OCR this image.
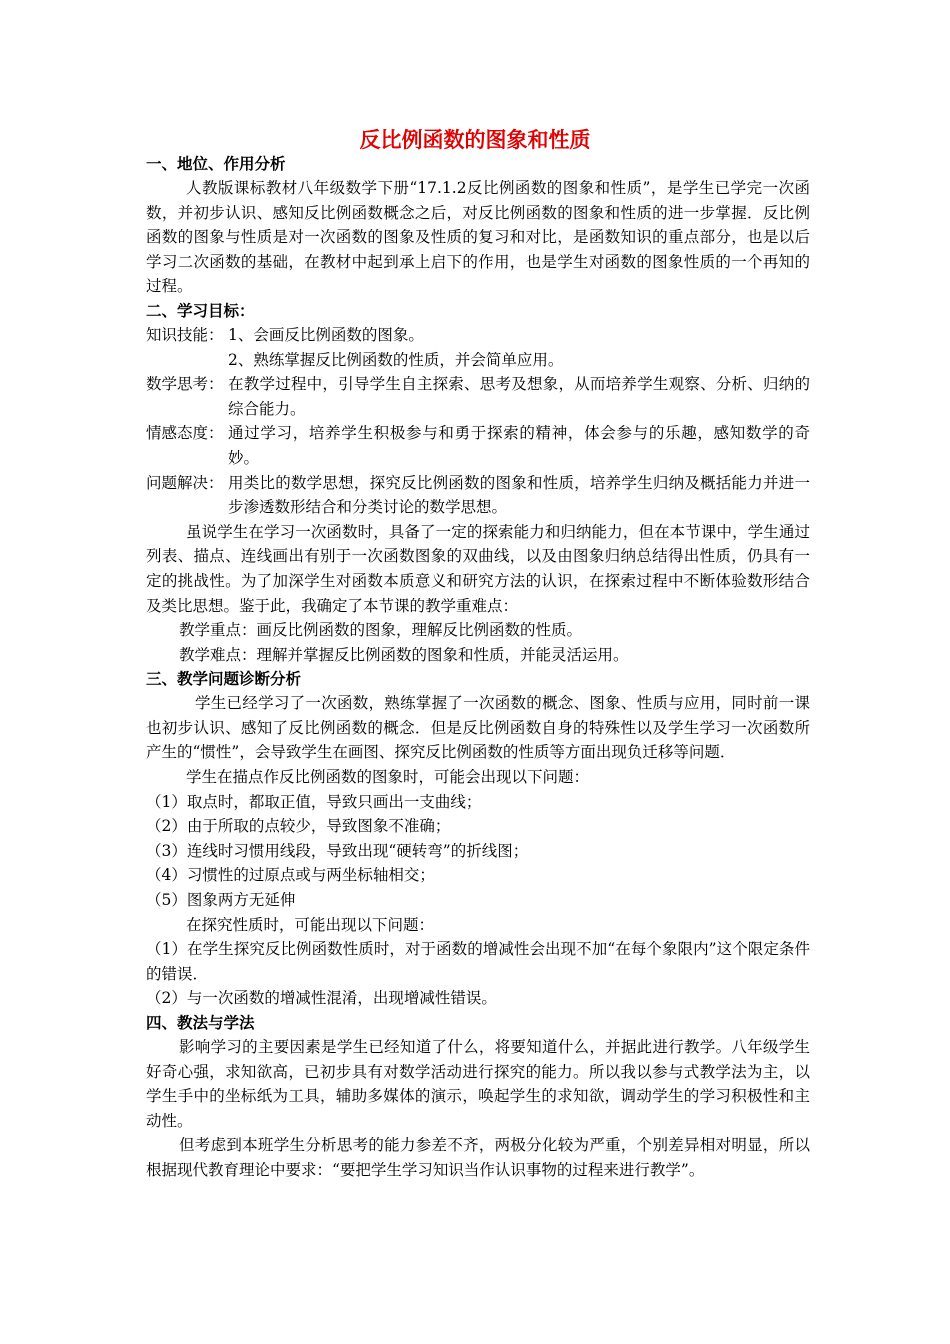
反比例函数的图象和性质
一、地位、作用分析
人教版课标教材八年级数学下册“17.1.2反比例函数的图象和性质”，是学生已学完一次函数，并初步认识、感知反比例函数概念之后，对反比例函数的图象和性质的进一步掌握．反比例函数的图象与性质是对一次函数的图象及性质的复习和对比，是函数知识的重点部分，也是以后学习二次函数的基础，在教材中起到承上启下的作用，也是学生对函数的图象性质的一个再知的过程。
二、学习目标：
知识技能： 1、会画反比例函数的图象。
2、熟练掌握反比例函数的性质，并会简单应用。
数学思考： 在教学过程中，引导学生自主探索、思考及想象，从而培养学生观察、分析、归纳的综合能力。
情感态度： 通过学习，培养学生积极参与和勇于探索的精神，体会参与的乐趣，感知数学的奇妙。
问题解决： 用类比的数学思想，探究反比例函数的图象和性质，培养学生归纳及概括能力并进一步渗透数形结合和分类讨论的数学思想。
虽说学生在学习一次函数时，具备了一定的探索能力和归纳能力，但在本节课中，学生通过列表、描点、连线画出有别于一次函数图象的双曲线，以及由图象归纳总结得出性质，仍具有一定的挑战性。为了加深学生对函数本质意义和研究方法的认识，在探索过程中不断体验数形结合及类比思想。鉴于此，我确定了本节课的教学重难点：
教学重点：画反比例函数的图象，理解反比例函数的性质。
教学难点：理解并掌握反比例函数的图象和性质，并能灵活运用。
三、教学问题诊断分析
学生已经学习了一次函数，熟练掌握了一次函数的概念、图象、性质与应用，同时前一课也初步认识、感知了反比例函数的概念．但是反比例函数自身的特殊性以及学生学习一次函数所产生的“惯性”，会导致学生在画图、探究反比例函数的性质等方面出现负迁移等问题．
学生在描点作反比例函数的图象时，可能会出现以下问题：
（1）取点时，都取正值，导致只画出一支曲线；
（2）由于所取的点较少，导致图象不准确；
（3）连线时习惯用线段，导致出现“硬转弯”的折线图；
（4）习惯性的过原点或与两坐标轴相交；
（5）图象两方无延伸
在探究性质时，可能出现以下问题：
（1）在学生探究反比例函数性质时，对于函数的增减性会出现不加“在每个象限内”这个限定条件的错误．
（2）与一次函数的增减性混淆，出现增减性错误。
四、教法与学法
影响学习的主要因素是学生已经知道了什么，将要知道什么，并据此进行教学。八年级学生好奇心强，求知欲高，已初步具有对数学活动进行探究的能力。所以我以参与式教学法为主，以学生手中的坐标纸为工具，辅助多媒体的演示，唤起学生的求知欲，调动学生的学习积极性和主动性。
但考虑到本班学生分析思考的能力参差不齐，两极分化较为严重，个别差异相对明显，所以根据现代教育理论中要求：“要把学生学习知识当作认识事物的过程来进行教学”。
